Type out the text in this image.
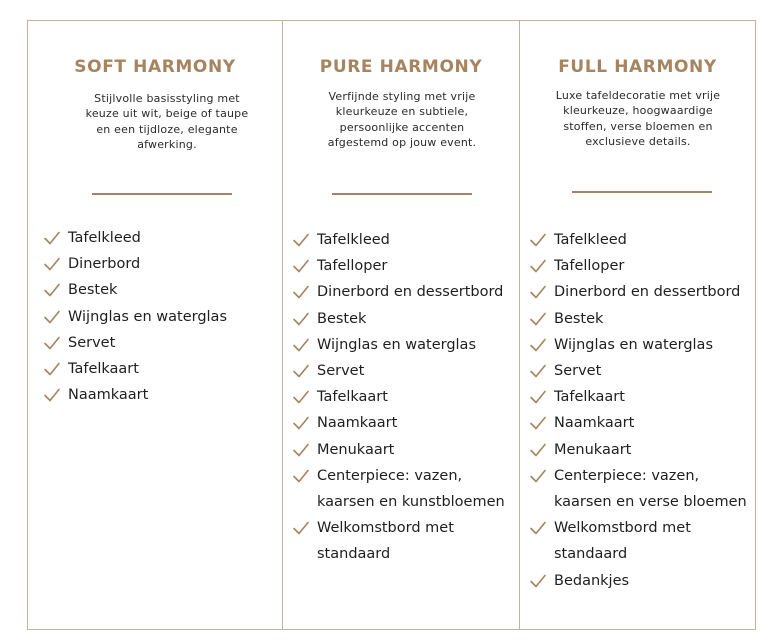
SOFT HARMONY
Stijlvolle basisstyling met
keuze uit wit, beige of taupe
en een tijdloze, elegante
afwerking.
Tafelkleed
Dinerbord
Bestek
Wijnglas en waterglas
Servet
Tafelkaart
Naamkaart
PURE HARMONY
Verfijnde styling met vrije
kleurkeuze en subtiele,
persoonlijke accenten
afgestemd op jouw event.
Tafelkleed
Tafelloper
Dinerbord en dessertbord
Bestek
Wijnglas en waterglas
Servet
Tafelkaart
Naamkaart
Menukaart
Centerpiece: vazen,
kaarsen en kunstbloemen
Welkomstbord met
standaard
FULL HARMONY
Luxe tafeldecoratie met vrije
kleurkeuze, hoogwaardige
stoffen, verse bloemen en
exclusieve details.
Tafelkleed
Tafelloper
Dinerbord en dessertbord
Bestek
Wijnglas en waterglas
Servet
Tafelkaart
Naamkaart
Menukaart
Centerpiece: vazen,
kaarsen en verse bloemen
Welkomstbord met
standaard
Bedankjes
